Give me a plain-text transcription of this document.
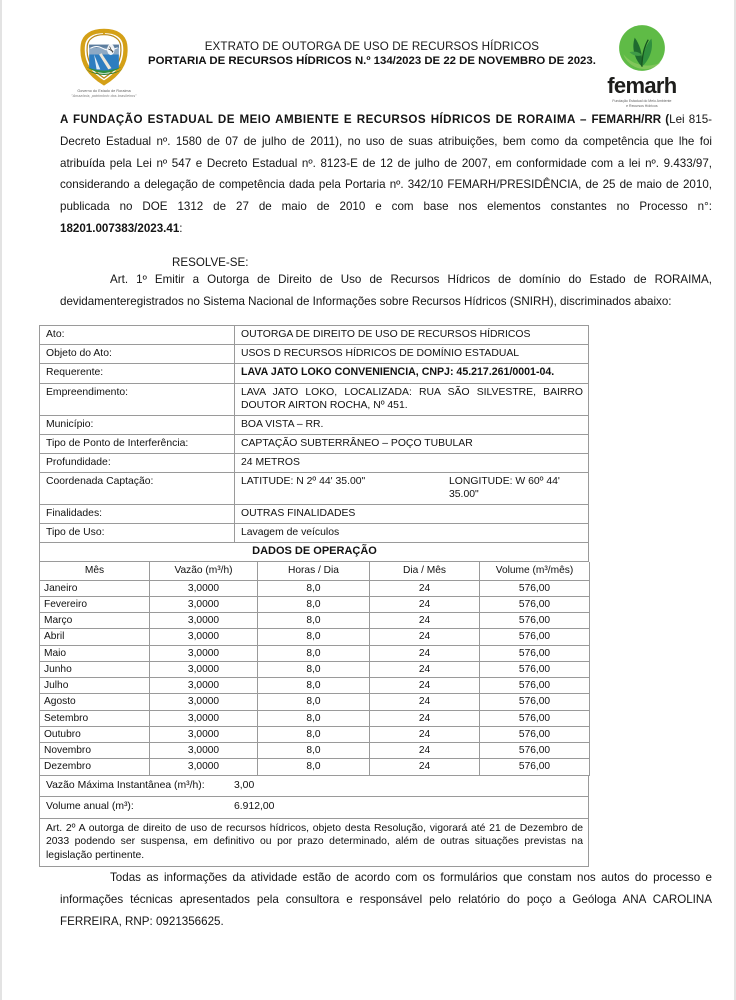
Governo do Estado de Roraima
"Amazônia, patrimônio dos brasileiros"
EXTRATO DE OUTORGA DE USO DE RECURSOS HÍDRICOS
PORTARIA DE RECURSOS HÍDRICOS N.º 134/2023 DE 22 DE NOVEMBRO DE 2023.
femarh
Fundação Estadual do Meio Ambiente
e Recursos Hídricos

A FUNDAÇÃO ESTADUAL DE MEIO AMBIENTE E RECURSOS HÍDRICOS DE RORAIMA – FEMARH/RR (Lei 815-Decreto Estadual nº. 1580 de 07 de julho de 2011), no uso de suas atribuições, bem como da competência que lhe foi atribuída pela Lei nº 547 e Decreto Estadual nº. 8123-E de 12 de julho de 2007, em conformidade com a lei nº. 9.433/97, considerando a delegação de competência dada pela Portaria nº. 342/10 FEMARH/PRESIDÊNCIA, de 25 de maio de 2010, publicada no DOE 1312 de 27 de maio de 2010 e com base nos elementos constantes no Processo n°: 18201.007383/2023.41:

RESOLVE-SE:

Art. 1º Emitir a Outorga de Direito de Uso de Recursos Hídricos de domínio do Estado de RORAIMA, devidamenteregistrados no Sistema Nacional de Informações sobre Recursos Hídricos (SNIRH), discriminados abaixo:

Ato:	OUTORGA DE DIREITO DE USO DE RECURSOS HÍDRICOS
Objeto do Ato:	USOS D RECURSOS HÍDRICOS DE DOMÍNIO ESTADUAL
Requerente:	LAVA JATO LOKO CONVENIENCIA, CNPJ: 45.217.261/0001-04.
Empreendimento:	LAVA JATO LOKO, LOCALIZADA: RUA SÃO SILVESTRE, BAIRRO DOUTOR AIRTON ROCHA, Nº 451.
Município:	BOA VISTA – RR.
Tipo de Ponto de Interferência:	CAPTAÇÃO SUBTERRÂNEO – POÇO TUBULAR
Profundidade:	24 METROS
Coordenada Captação:	LATITUDE: N 2º 44' 35.00" LONGITUDE: W 60º 44' 35.00"

Finalidades:	OUTRAS FINALIDADES
Tipo de Uso:	Lavagem de veículos
DADOS DE OPERAÇÃO	
Mês	Vazão (m³/h)	Horas / Dia	Dia / Mês	Volume (m³/mês)
Janeiro	3,0000	8,0	24	576,00
Fevereiro	3,0000	8,0	24	576,00
Março	3,0000	8,0	24	576,00
Abril	3,0000	8,0	24	576,00
Maio	3,0000	8,0	24	576,00
Junho	3,0000	8,0	24	576,00
Julho	3,0000	8,0	24	576,00
Agosto	3,0000	8,0	24	576,00
Setembro	3,0000	8,0	24	576,00
Outubro	3,0000	8,0	24	576,00
Novembro	3,0000	8,0	24	576,00
Dezembro	3,0000	8,0	24	576,00
Vazão Máxima Instantânea (m³/h):	3,00
Volume anual (m³):	6.912,00
Art. 2º A outorga de direito de uso de recursos hídricos, objeto desta Resolução, vigorará até 21 de Dezembro de 2033 podendo ser suspensa, em definitivo ou por prazo determinado, além de outras situações previstas na legislação pertinente.	

Todas as informações da atividade estão de acordo com os formulários que constam nos autos do processo e informações técnicas apresentados pela consultora e responsável pelo relatório do poço a Geóloga ANA CAROLINA FERREIRA, RNP: 0921356625.
